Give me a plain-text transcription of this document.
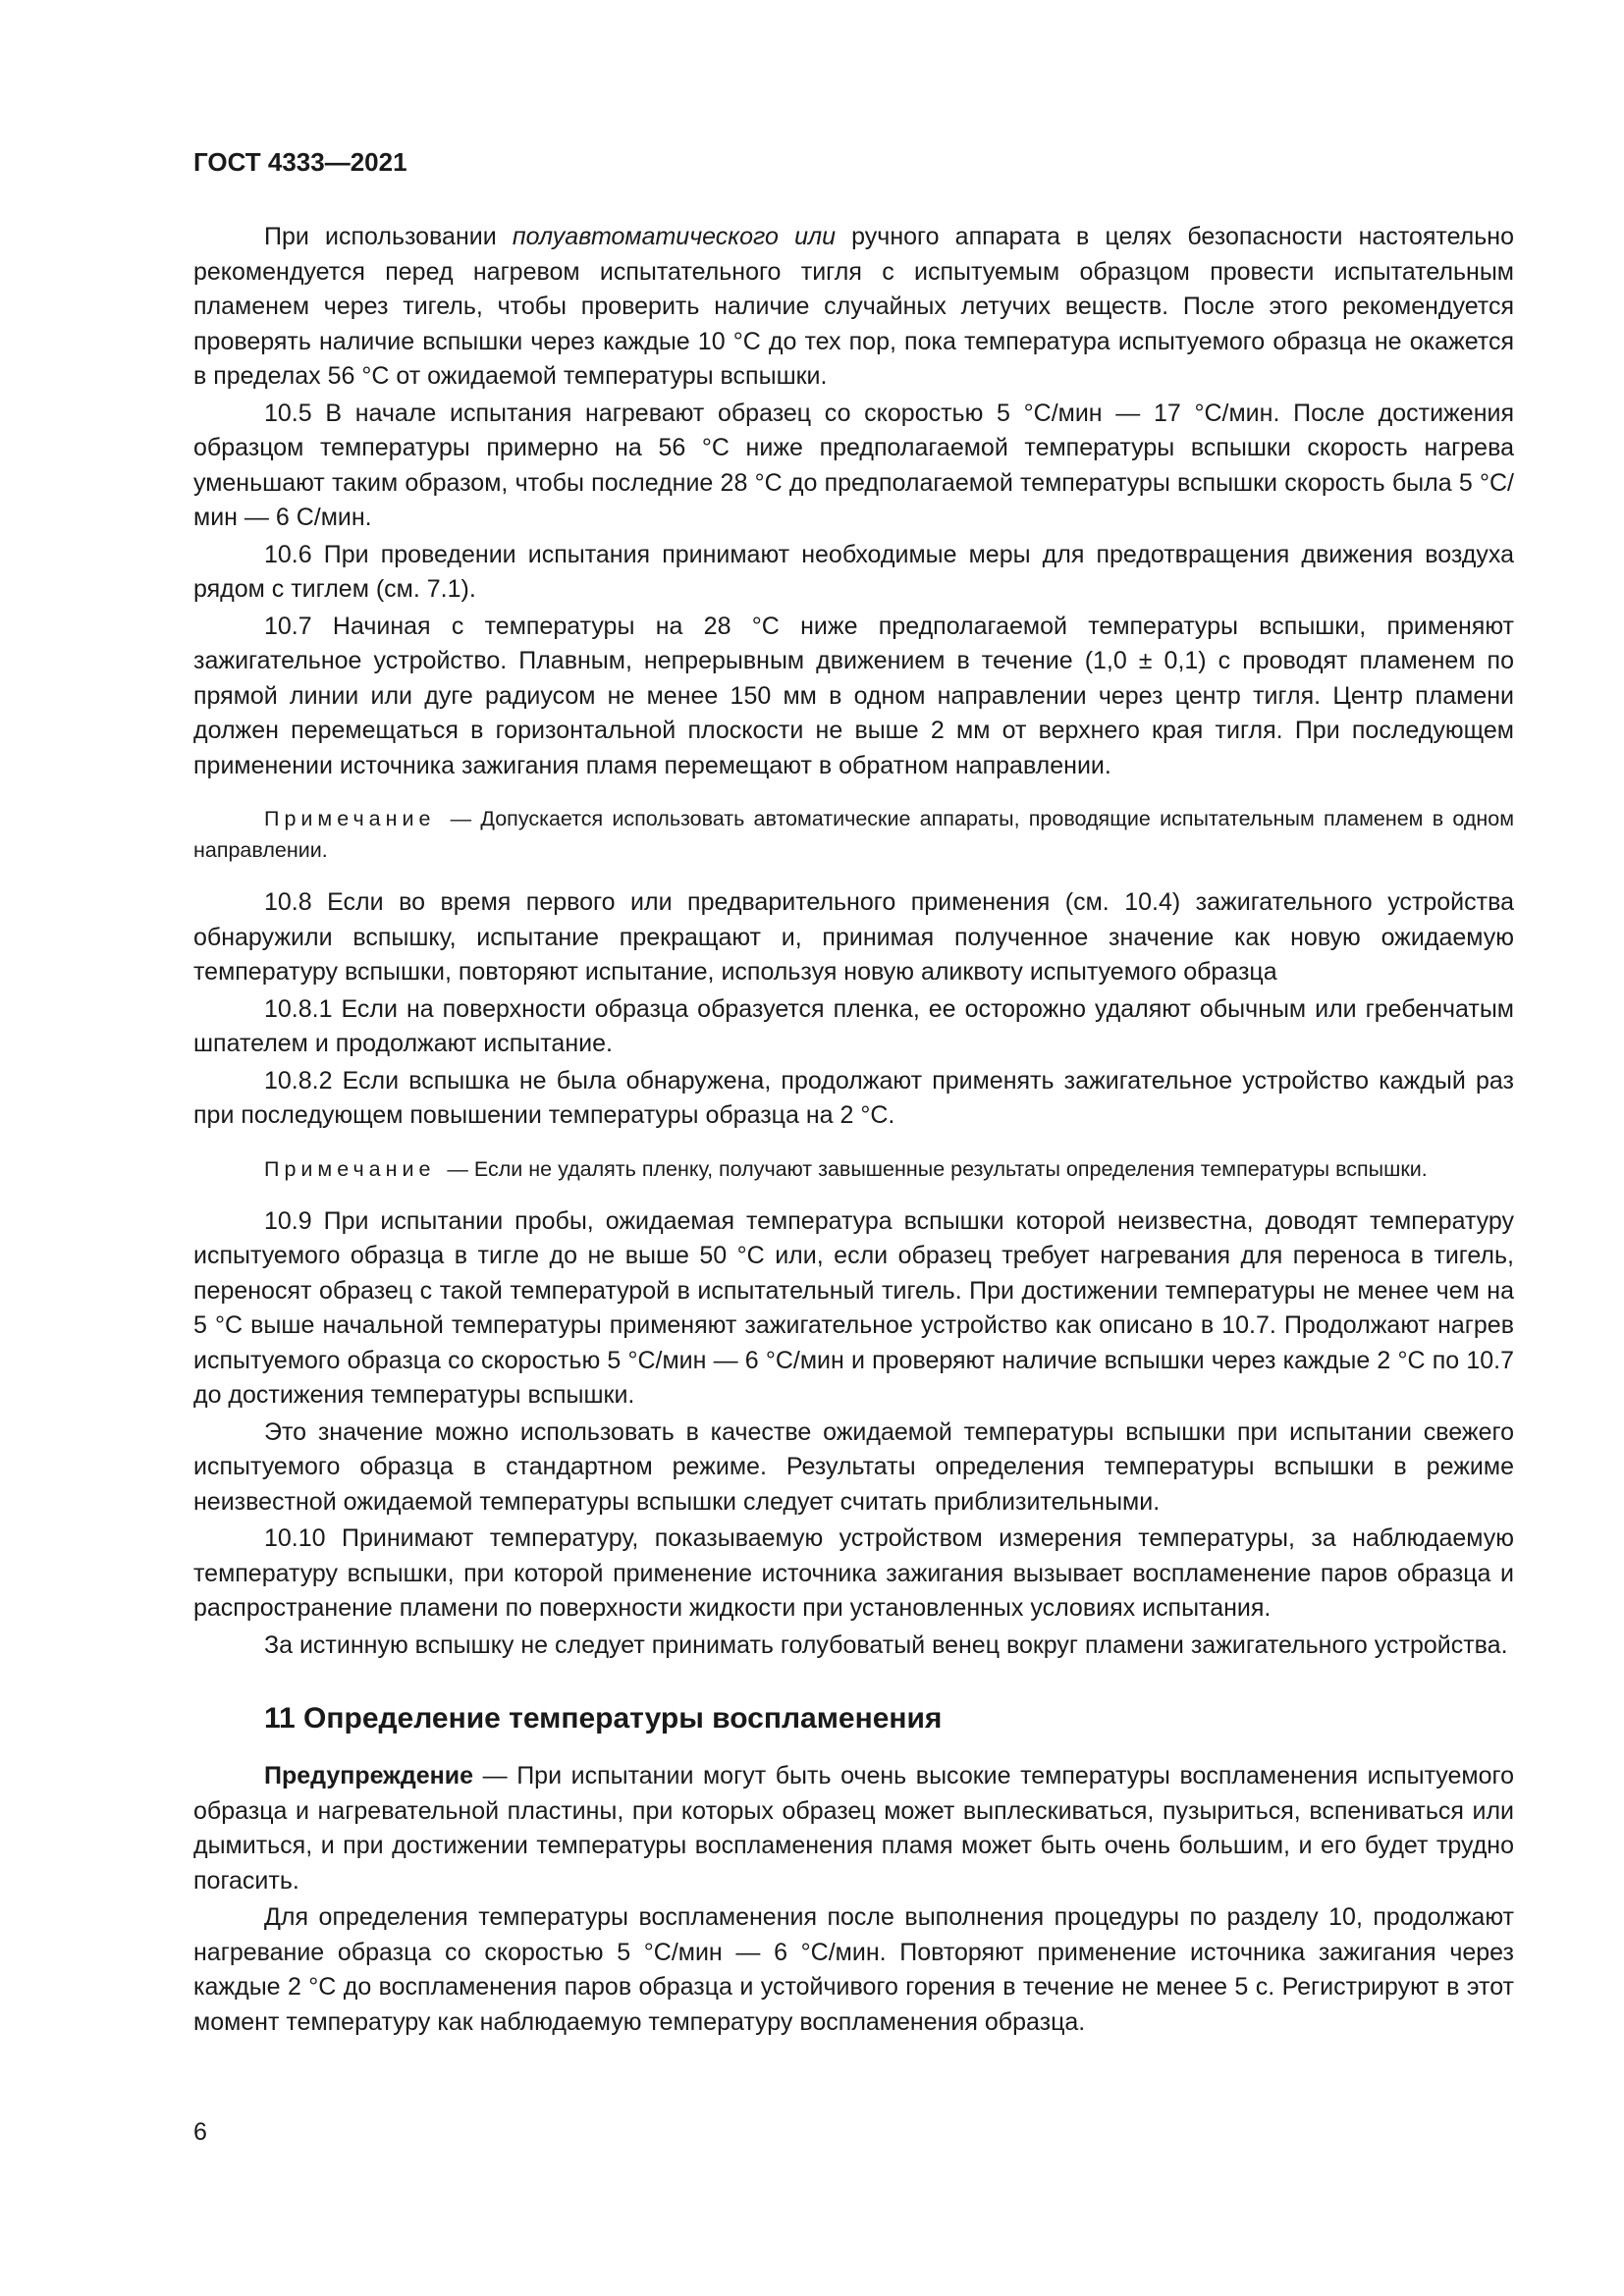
ГОСТ 4333—2021

При использовании полуавтоматического или ручного аппарата в целях безопасности настоятельно рекомендуется перед нагревом испытательного тигля с испытуемым образцом провести испытательным пламенем через тигель, чтобы проверить наличие случайных летучих веществ. После этого рекомендуется проверять наличие вспышки через каждые 10 °С до тех пор, пока температура испытуемого образца не окажется в пределах 56 °С от ожидаемой температуры вспышки.

10.5 В начале испытания нагревают образец со скоростью 5 °С/мин — 17 °С/мин. После достижения образцом температуры примерно на 56 °С ниже предполагаемой температуры вспышки скорость нагрева уменьшают таким образом, чтобы последние 28 °С до предполагаемой температуры вспышки скорость была 5 °С/мин — 6 С/мин.

10.6 При проведении испытания принимают необходимые меры для предотвращения движения воздуха рядом с тиглем (см. 7.1).

10.7 Начиная с температуры на 28 °С ниже предполагаемой температуры вспышки, применяют зажигательное устройство. Плавным, непрерывным движением в течение (1,0 ± 0,1) с проводят пламенем по прямой линии или дуге радиусом не менее 150 мм в одном направлении через центр тигля. Центр пламени должен перемещаться в горизонтальной плоскости не выше 2 мм от верхнего края тигля. При последующем применении источника зажигания пламя перемещают в обратном направлении.

Примечание — Допускается использовать автоматические аппараты, проводящие испытательным пламенем в одном направлении.

10.8 Если во время первого или предварительного применения (см. 10.4) зажигательного устройства обнаружили вспышку, испытание прекращают и, принимая полученное значение как новую ожидаемую температуру вспышки, повторяют испытание, используя новую аликвоту испытуемого образца

10.8.1 Если на поверхности образца образуется пленка, ее осторожно удаляют обычным или гребенчатым шпателем и продолжают испытание.

10.8.2 Если вспышка не была обнаружена, продолжают применять зажигательное устройство каждый раз при последующем повышении температуры образца на 2 °С.

Примечание — Если не удалять пленку, получают завышенные результаты определения температуры вспышки.

10.9 При испытании пробы, ожидаемая температура вспышки которой неизвестна, доводят температуру испытуемого образца в тигле до не выше 50 °С или, если образец требует нагревания для переноса в тигель, переносят образец с такой температурой в испытательный тигель. При достижении температуры не менее чем на 5 °С выше начальной температуры применяют зажигательное устройство как описано в 10.7. Продолжают нагрев испытуемого образца со скоростью 5 °С/мин — 6 °С/мин и проверяют наличие вспышки через каждые 2 °С по 10.7 до достижения температуры вспышки.

Это значение можно использовать в качестве ожидаемой температуры вспышки при испытании свежего испытуемого образца в стандартном режиме. Результаты определения температуры вспышки в режиме неизвестной ожидаемой температуры вспышки следует считать приблизительными.

10.10 Принимают температуру, показываемую устройством измерения температуры, за наблюдаемую температуру вспышки, при которой применение источника зажигания вызывает воспламенение паров образца и распространение пламени по поверхности жидкости при установленных условиях испытания.

За истинную вспышку не следует принимать голубоватый венец вокруг пламени зажигательного устройства.

11 Определение температуры воспламенения

Предупреждение — При испытании могут быть очень высокие температуры воспламенения испытуемого образца и нагревательной пластины, при которых образец может выплескиваться, пузыриться, вспениваться или дымиться, и при достижении температуры воспламенения пламя может быть очень большим, и его будет трудно погасить.

Для определения температуры воспламенения после выполнения процедуры по разделу 10, продолжают нагревание образца со скоростью 5 °С/мин — 6 °С/мин. Повторяют применение источника зажигания через каждые 2 °С до воспламенения паров образца и устойчивого горения в течение не менее 5 с. Регистрируют в этот момент температуру как наблюдаемую температуру воспламенения образца.

6
